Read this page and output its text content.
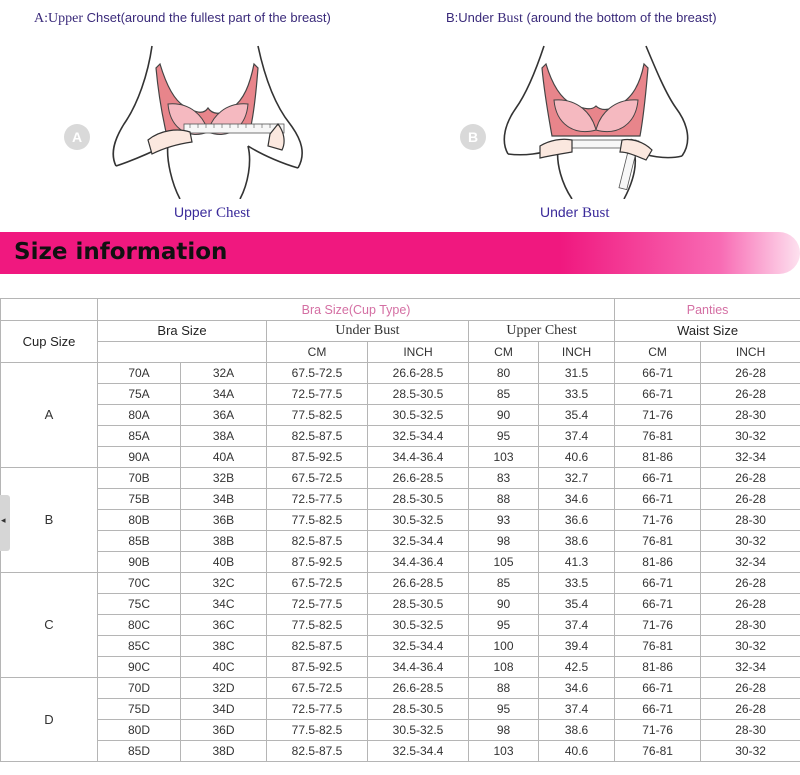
A:Upper Chset(around the fullest part of the breast)	B:Under Bust (around the bottom of the breast)
A	B
Upper Chest	Under Bust
Size information
	Bra Size(Cup Type)						Panties	
Cup Size	Bra Size		Under Bust		Upper Chest		Waist Size	
			CM	INCH	CM	INCH	CM	INCH
A	70A	32A	67.5-72.5	26.6-28.5	80	31.5	66-71	26-28
	75A	34A	72.5-77.5	28.5-30.5	85	33.5	66-71	26-28
	80A	36A	77.5-82.5	30.5-32.5	90	35.4	71-76	28-30
	85A	38A	82.5-87.5	32.5-34.4	95	37.4	76-81	30-32
	90A	40A	87.5-92.5	34.4-36.4	103	40.6	81-86	32-34
B	70B	32B	67.5-72.5	26.6-28.5	83	32.7	66-71	26-28
	75B	34B	72.5-77.5	28.5-30.5	88	34.6	66-71	26-28
	80B	36B	77.5-82.5	30.5-32.5	93	36.6	71-76	28-30
	85B	38B	82.5-87.5	32.5-34.4	98	38.6	76-81	30-32
	90B	40B	87.5-92.5	34.4-36.4	105	41.3	81-86	32-34
C	70C	32C	67.5-72.5	26.6-28.5	85	33.5	66-71	26-28
	75C	34C	72.5-77.5	28.5-30.5	90	35.4	66-71	26-28
	80C	36C	77.5-82.5	30.5-32.5	95	37.4	71-76	28-30
	85C	38C	82.5-87.5	32.5-34.4	100	39.4	76-81	30-32
	90C	40C	87.5-92.5	34.4-36.4	108	42.5	81-86	32-34
D	70D	32D	67.5-72.5	26.6-28.5	88	34.6	66-71	26-28
	75D	34D	72.5-77.5	28.5-30.5	95	37.4	66-71	26-28
	80D	36D	77.5-82.5	30.5-32.5	98	38.6	71-76	28-30
	85D	38D	82.5-87.5	32.5-34.4	103	40.6	76-81	30-32
◂
